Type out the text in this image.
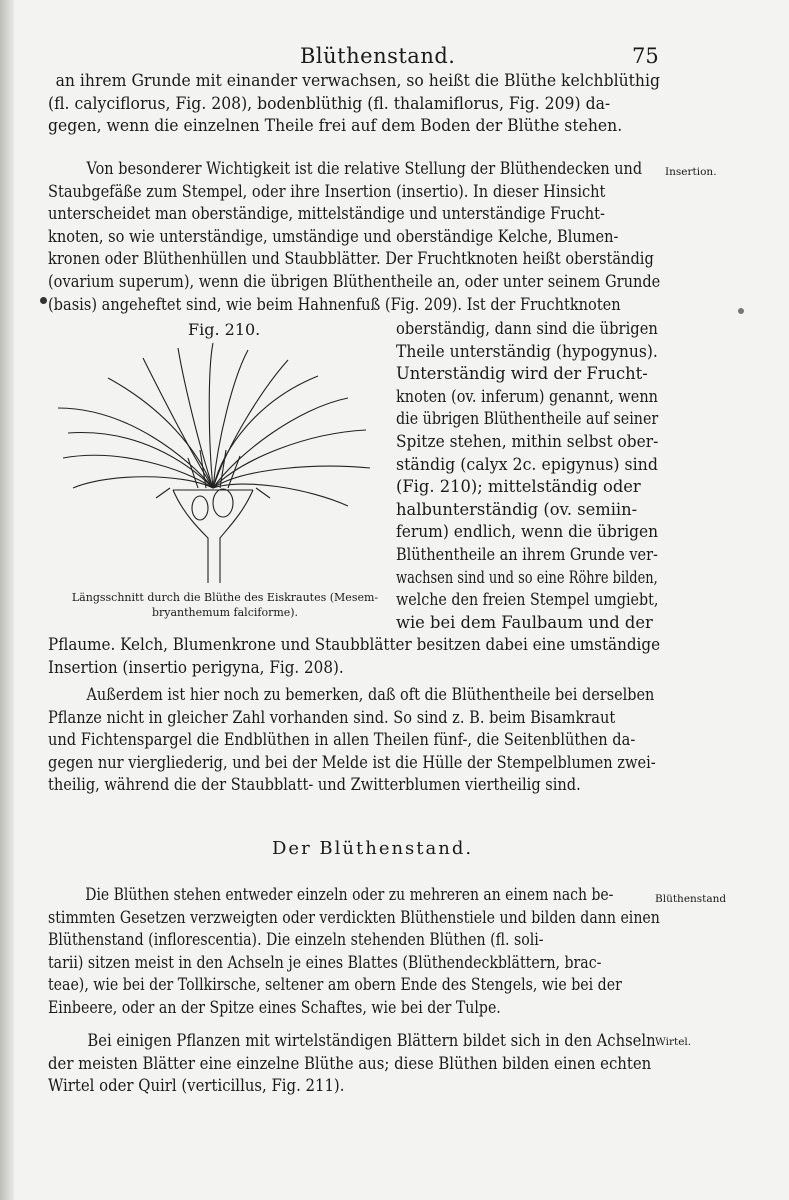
Blüthenstand.	75
an ihrem Grunde mit einander verwachsen, so heißt die Blüthe kelchblüthig
(fl. calyciflorus, Fig. 208), bodenblüthig (fl. thalamiflorus, Fig. 209) da-
gegen, wenn die einzelnen Theile frei auf dem Boden der Blüthe stehen.
Von besonderer Wichtigkeit ist die relative Stellung der Blüthendecken und
Staubgefäße zum Stempel, oder ihre Insertion (insertio). In dieser Hinsicht
unterscheidet man oberständige, mittelständige und unterständige Frucht-
knoten, so wie unterständige, umständige und oberständige Kelche, Blumen-
kronen oder Blüthenhüllen und Staubblätter. Der Fruchtknoten heißt oberständig
(ovarium superum), wenn die übrigen Blüthentheile an, oder unter seinem Grunde
(basis) angeheftet sind, wie beim Hahnenfuß (Fig. 209). Ist der Fruchtknoten
Insertion.
Fig. 210.
Längsschnitt durch die Blüthe des Eiskrautes (Mesem-
bryanthemum falciforme).
oberständig, dann sind die übrigen
Theile unterständig (hypogynus).
Unterständig wird der Frucht-
knoten (ov. inferum) genannt, wenn
die übrigen Blüthentheile auf seiner
Spitze stehen, mithin selbst ober-
ständig (calyx 2c. epigynus) sind
(Fig. 210); mittelständig oder
halbunterständig (ov. semiin-
ferum) endlich, wenn die übrigen
Blüthentheile an ihrem Grunde ver-
wachsen sind und so eine Röhre bilden,
welche den freien Stempel umgiebt,
wie bei dem Faulbaum und der
Pflaume. Kelch, Blumenkrone und Staubblätter besitzen dabei eine umständige
Insertion (insertio perigyna, Fig. 208).
Außerdem ist hier noch zu bemerken, daß oft die Blüthentheile bei derselben
Pflanze nicht in gleicher Zahl vorhanden sind. So sind z. B. beim Bisamkraut
und Fichtenspargel die Endblüthen in allen Theilen fünf-, die Seitenblüthen da-
gegen nur viergliederig, und bei der Melde ist die Hülle der Stempelblumen zwei-
theilig, während die der Staubblatt- und Zwitterblumen viertheilig sind.
Der Blüthenstand.
Die Blüthen stehen entweder einzeln oder zu mehreren an einem nach be-
stimmten Gesetzen verzweigten oder verdickten Blüthenstiele und bilden dann einen
Blüthenstand (inflorescentia). Die einzeln stehenden Blüthen (fl. soli-
tarii) sitzen meist in den Achseln je eines Blattes (Blüthendeckblättern, brac-
teae), wie bei der Tollkirsche, seltener am obern Ende des Stengels, wie bei der
Einbeere, oder an der Spitze eines Schaftes, wie bei der Tulpe.
Blüthenstand
Bei einigen Pflanzen mit wirtelständigen Blättern bildet sich in den Achseln
der meisten Blätter eine einzelne Blüthe aus; diese Blüthen bilden einen echten
Wirtel oder Quirl (verticillus, Fig. 211).
Wirtel.
